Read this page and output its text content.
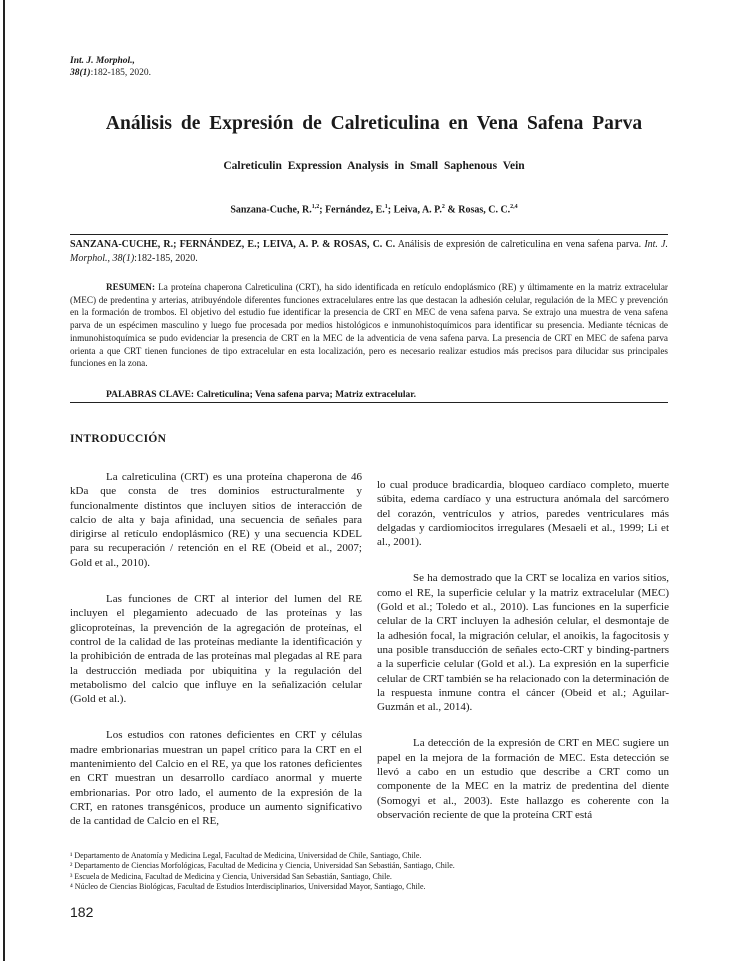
Int. J. Morphol.,
38(1):182-185, 2020.
Análisis de Expresión de Calreticulina en Vena Safena Parva
Calreticulin Expression Analysis in Small Saphenous Vein
Sanzana-Cuche, R.$^{1,2}$; Fernández, E.$^1$; Leiva, A. P.$^2$ & Rosas, C. C.$^{2,4}$
SANZANA-CUCHE, R.; FERNÁNDEZ, E.; LEIVA, A. P. & ROSAS, C. C. Análisis de expresión de calreticulina en vena safena parva. Int. J. Morphol., 38(1):182-185, 2020.
RESUMEN: La proteína chaperona Calreticulina (CRT), ha sido identificada en retículo endoplásmico (RE) y últimamente en la matriz extracelular (MEC) de predentina y arterias, atribuyéndole diferentes funciones extracelulares entre las que destacan la adhesión celular, regulación de la MEC y prevención en la formación de trombos. El objetivo del estudio fue identificar la presencia de CRT en MEC de vena safena parva. Se extrajo una muestra de vena safena parva de un espécimen masculino y luego fue procesada por medios histológicos e inmunohistoquímicos para identificar su presencia. Mediante técnicas de inmunohistoquímica se pudo evidenciar la presencia de CRT en la MEC de la adventicia de vena safena parva. La presencia de CRT en MEC de safena parva orienta a que CRT tienen funciones de tipo extracelular en esta localización, pero es necesario realizar estudios más precisos para dilucidar sus principales funciones en la zona.
PALABRAS CLAVE: Calreticulina; Vena safena parva; Matriz extracelular.
INTRODUCCIÓN

La calreticulina (CRT) es una proteína chaperona de 46 kDa que consta de tres dominios estructuralmente y funcionalmente distintos que incluyen sitios de interacción de calcio de alta y baja afinidad, una secuencia de señales para dirigirse al retículo endoplásmico (RE) y una secuencia KDEL para su recuperación / retención en el RE (Obeid et al., 2007; Gold et al., 2010).

Las funciones de CRT al interior del lumen del RE incluyen el plegamiento adecuado de las proteínas y las glicoproteínas, la prevención de la agregación de proteínas, el control de la calidad de las proteínas mediante la identificación y la prohibición de entrada de las proteínas mal plegadas al RE para la destrucción mediada por ubiquitina y la regulación del metabolismo del calcio que influye en la señalización celular (Gold et al.).

Los estudios con ratones deficientes en CRT y células madre embrionarias muestran un papel crítico para la CRT en el mantenimiento del Calcio en el RE, ya que los ratones deficientes en CRT muestran un desarrollo cardíaco anormal y muerte embrionarias. Por otro lado, el aumento de la expresión de la CRT, en ratones transgénicos, produce un aumento significativo de la cantidad de Calcio en el RE,

lo cual produce bradicardia, bloqueo cardíaco completo, muerte súbita, edema cardíaco y una estructura anómala del sarcómero del corazón, ventrículos y atrios, paredes ventriculares más delgadas y cardiomiocitos irregulares (Mesaeli et al., 1999; Li et al., 2001).

Se ha demostrado que la CRT se localiza en varios sitios, como el RE, la superficie celular y la matriz extracelular (MEC) (Gold et al.; Toledo et al., 2010). Las funciones en la superficie celular de la CRT incluyen la adhesión celular, el desmontaje de la adhesión focal, la migración celular, el anoikis, la fagocitosis y una posible transducción de señales ecto-CRT y binding-partners a la superficie celular (Gold et al.). La expresión en la superficie celular de CRT también se ha relacionado con la determinación de la respuesta inmune contra el cáncer (Obeid et al.; Aguilar-Guzmán et al., 2014).

La detección de la expresión de CRT en MEC sugiere un papel en la mejora de la formación de MEC. Esta detección se llevó a cabo en un estudio que describe a CRT como un componente de la MEC en la matriz de predentina del diente (Somogyi et al., 2003). Este hallazgo es coherente con la observación reciente de que la proteína CRT está

¹ Departamento de Anatomía y Medicina Legal, Facultad de Medicina, Universidad de Chile, Santiago, Chile.
² Departamento de Ciencias Morfológicas, Facultad de Medicina y Ciencia, Universidad San Sebastián, Santiago, Chile.
³ Escuela de Medicina, Facultad de Medicina y Ciencia, Universidad San Sebastián, Santiago, Chile.
⁴ Núcleo de Ciencias Biológicas, Facultad de Estudios Interdisciplinarios, Universidad Mayor, Santiago, Chile.
182
